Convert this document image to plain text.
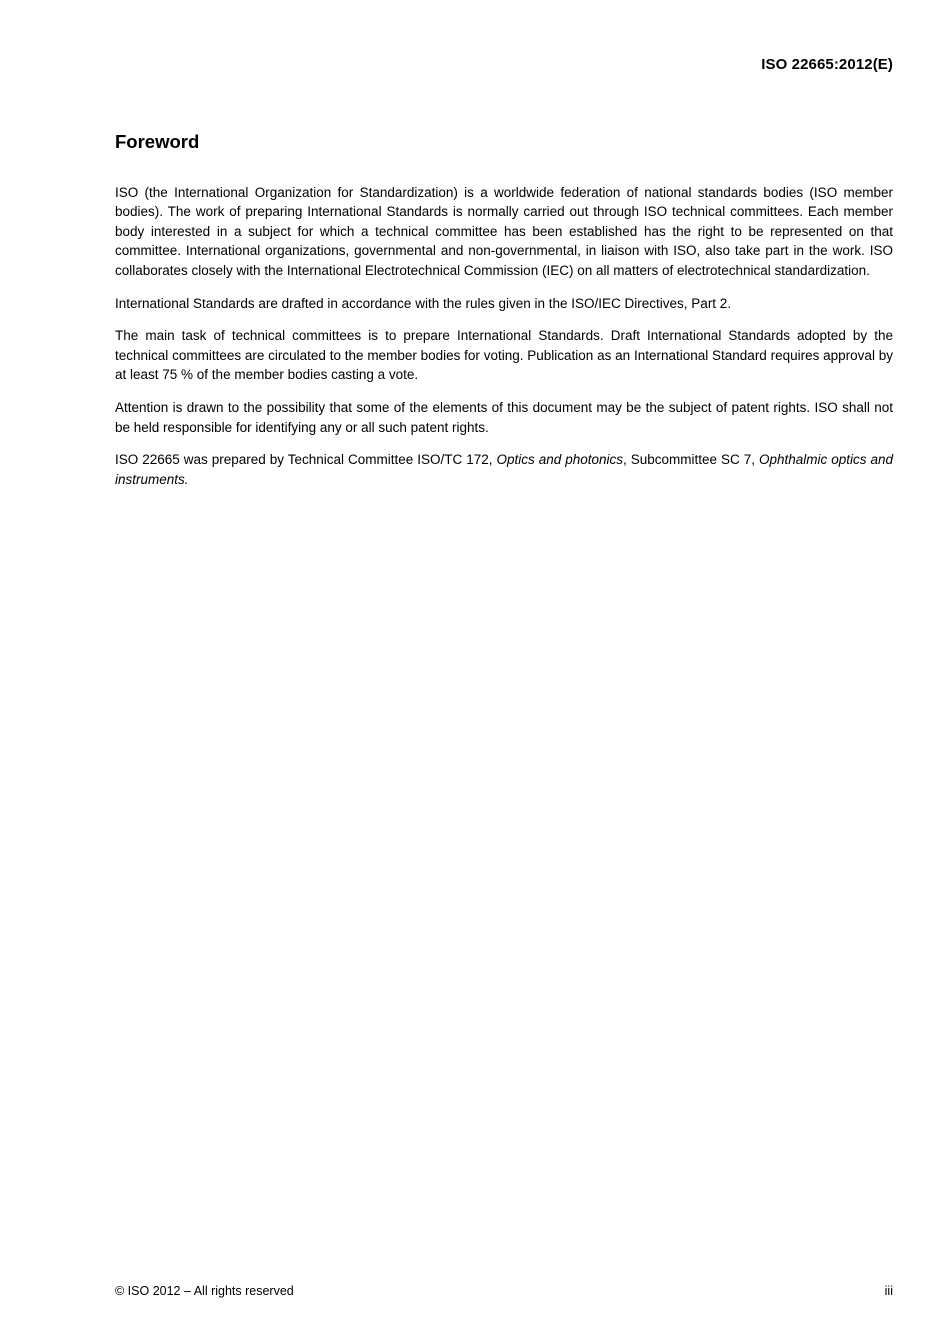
ISO 22665:2012(E)
Foreword

ISO (the International Organization for Standardization) is a worldwide federation of national standards bodies (ISO member bodies). The work of preparing International Standards is normally carried out through ISO technical committees. Each member body interested in a subject for which a technical committee has been established has the right to be represented on that committee. International organizations, governmental and non-governmental, in liaison with ISO, also take part in the work. ISO collaborates closely with the International Electrotechnical Commission (IEC) on all matters of electrotechnical standardization.

International Standards are drafted in accordance with the rules given in the ISO/IEC Directives, Part 2.

The main task of technical committees is to prepare International Standards. Draft International Standards adopted by the technical committees are circulated to the member bodies for voting. Publication as an International Standard requires approval by at least 75 % of the member bodies casting a vote.

Attention is drawn to the possibility that some of the elements of this document may be the subject of patent rights. ISO shall not be held responsible for identifying any or all such patent rights.

ISO 22665 was prepared by Technical Committee ISO/TC 172, Optics and photonics, Subcommittee SC 7, Ophthalmic optics and instruments.

© ISO 2012 – All rights reserved	iii
